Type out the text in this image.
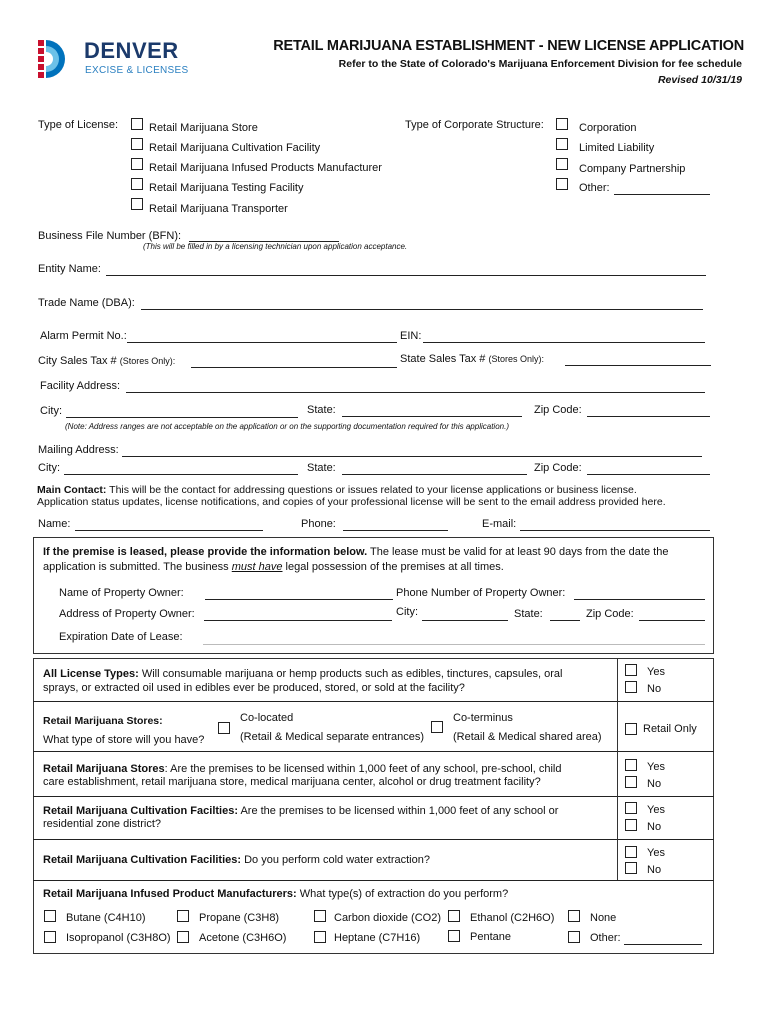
DENVER
EXCISE & LICENSES
RETAIL MARIJUANA ESTABLISHMENT - NEW LICENSE APPLICATION
Refer to the State of Colorado's Marijuana Enforcement Division for fee schedule
Revised 10/31/19
Type of License:	Retail Marijuana Store
Retail Marijuana Cultivation Facility
Retail Marijuana Infused Products Manufacturer
Retail Marijuana Testing Facility
Retail Marijuana Transporter
Type of Corporate Structure:	Corporation
Limited Liability
Company Partnership
Other:
Business File Number (BFN):
(This will be filled in by a licensing technician upon application acceptance.
Entity Name:
Trade Name (DBA):
Alarm Permit No.:	EIN:
City Sales Tax # (Stores Only):	State Sales Tax # (Stores Only):
Facility Address:
City:	State:	Zip Code:
(Note: Address ranges are not acceptable on the application or on the supporting documentation required for this application.)
Mailing Address:
City:	State:	Zip Code:
Main Contact: This will be the contact for addressing questions or issues related to your license applications or business license.
Application status updates, license notifications, and copies of your professional license will be sent to the email address provided here.
Name:	Phone:	E-mail:
If the premise is leased, please provide the information below. The lease must be valid for at least 90 days from the date the
application is submitted. The business must have legal possession of the premises at all times.
Name of Property Owner:	Phone Number of Property Owner:
Address of Property Owner:	City:	State:	Zip Code:
Expiration Date of Lease:
All License Types: Will consumable marijuana or hemp products such as edibles, tinctures, capsules, oral
sprays, or extracted oil used in edibles ever be produced, stored, or sold at the facility?
Yes
No
Retail Marijuana Stores:
What type of store will you have?
Co-located
(Retail & Medical separate entrances)
Co-terminus
(Retail & Medical shared area)
Retail Only
Retail Marijuana Stores: Are the premises to be licensed within 1,000 feet of any school, pre-school, child
care establishment, retail marijuana store, medical marijuana center, alcohol or drug treatment facility?
Yes
No
Retail Marijuana Cultivation Facilties: Are the premises to be licensed within 1,000 feet of any school or
residential zone district?
Yes
No
Retail Marijuana Cultivation Facilities: Do you perform cold water extraction?
Yes
No
Retail Marijuana Infused Product Manufacturers: What type(s) of extraction do you perform?
Butane (C4H10)	Propane (C3H8)	Carbon dioxide (CO2)	Ethanol (C2H6O)	None
Isopropanol (C3H8O)	Acetone (C3H6O)	Heptane (C7H16)	Pentane	Other:
